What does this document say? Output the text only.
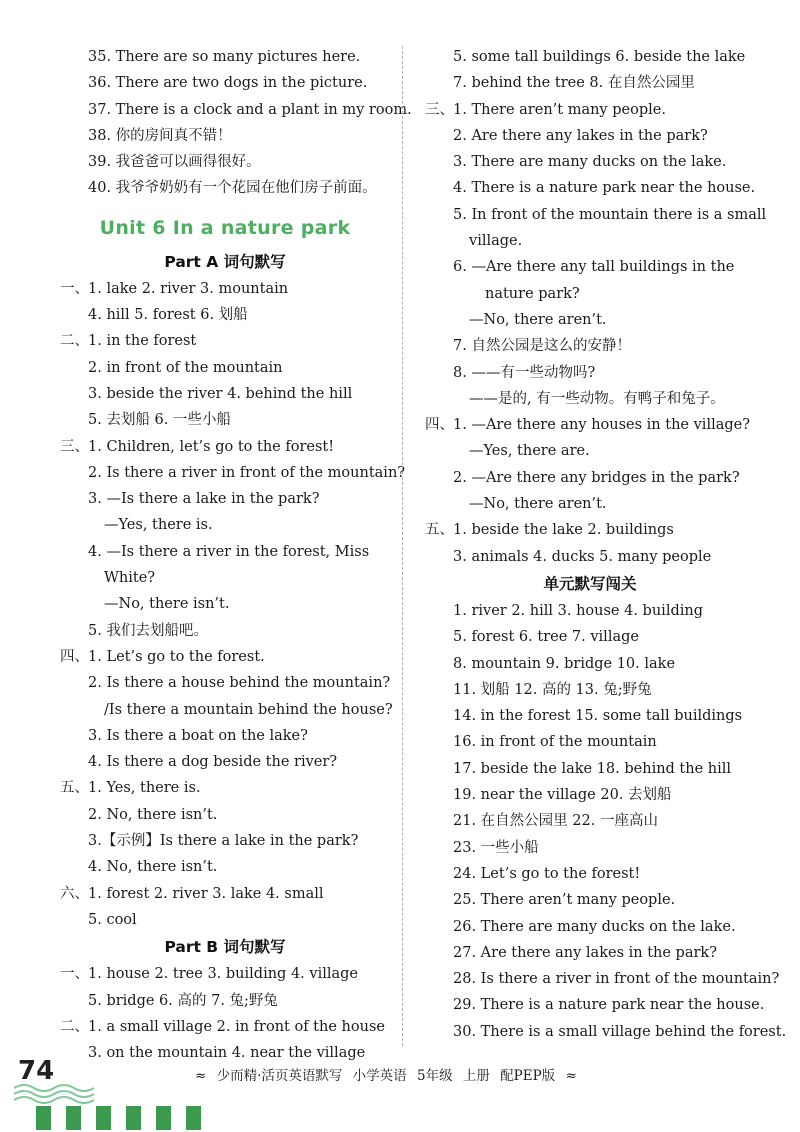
35. There are so many pictures here.
36. There are two dogs in the picture.
37. There is a clock and a plant in my room.
38. 你的房间真不错！
39. 我爸爸可以画得很好。
40. 我爷爷奶奶有一个花园在他们房子前面。
Unit 6 In a nature park
Part A 词句默写
一、 1. lake 2. river 3. mountain
4. hill 5. forest 6. 划船
二、 1. in the forest
2. in front of the mountain
3. beside the river 4. behind the hill
5. 去划船 6. 一些小船
三、 1. Children, let’s go to the forest!
2. Is there a river in front of the mountain?
3. —Is there a lake in the park?
—Yes, there is.
4. —Is there a river in the forest, Miss
White?
—No, there isn’t.
5. 我们去划船吧。
四、 1. Let’s go to the forest.
2. Is there a house behind the mountain?
/Is there a mountain behind the house?
3. Is there a boat on the lake?
4. Is there a dog beside the river?
五、 1. Yes, there is.
2. No, there isn’t.
3.【示例】Is there a lake in the park?
4. No, there isn’t.
六、 1. forest 2. river 3. lake 4. small
5. cool
Part B 词句默写
一、 1. house 2. tree 3. building 4. village
5. bridge 6. 高的 7. 兔;野兔
二、 1. a small village 2. in front of the house
3. on the mountain 4. near the village
5. some tall buildings 6. beside the lake
7. behind the tree 8. 在自然公园里
三、 1. There aren’t many people.
2. Are there any lakes in the park?
3. There are many ducks on the lake.
4. There is a nature park near the house.
5. In front of the mountain there is a small
village.
6. —Are there any tall buildings in the
nature park?
—No, there aren’t.
7. 自然公园是这么的安静！
8. ——有一些动物吗?
——是的, 有一些动物。有鸭子和兔子。
四、 1. —Are there any houses in the village?
—Yes, there are.
2. —Are there any bridges in the park?
—No, there aren’t.
五、 1. beside the lake 2. buildings
3. animals 4. ducks 5. many people
单元默写闯关
1. river 2. hill 3. house 4. building
5. forest 6. tree 7. village
8. mountain 9. bridge 10. lake
11. 划船 12. 高的 13. 兔;野兔
14. in the forest 15. some tall buildings
16. in front of the mountain
17. beside the lake 18. behind the hill
19. near the village 20. 去划船
21. 在自然公园里 22. 一座高山
23. 一些小船
24. Let’s go to the forest!
25. There aren’t many people.
26. There are many ducks on the lake.
27. Are there any lakes in the park?
28. Is there a river in front of the mountain?
29. There is a nature park near the house.
30. There is a small village behind the forest.
74	≈ 少而精·活页英语默写 小学英语 5年级 上册 配PEP版 ≈
